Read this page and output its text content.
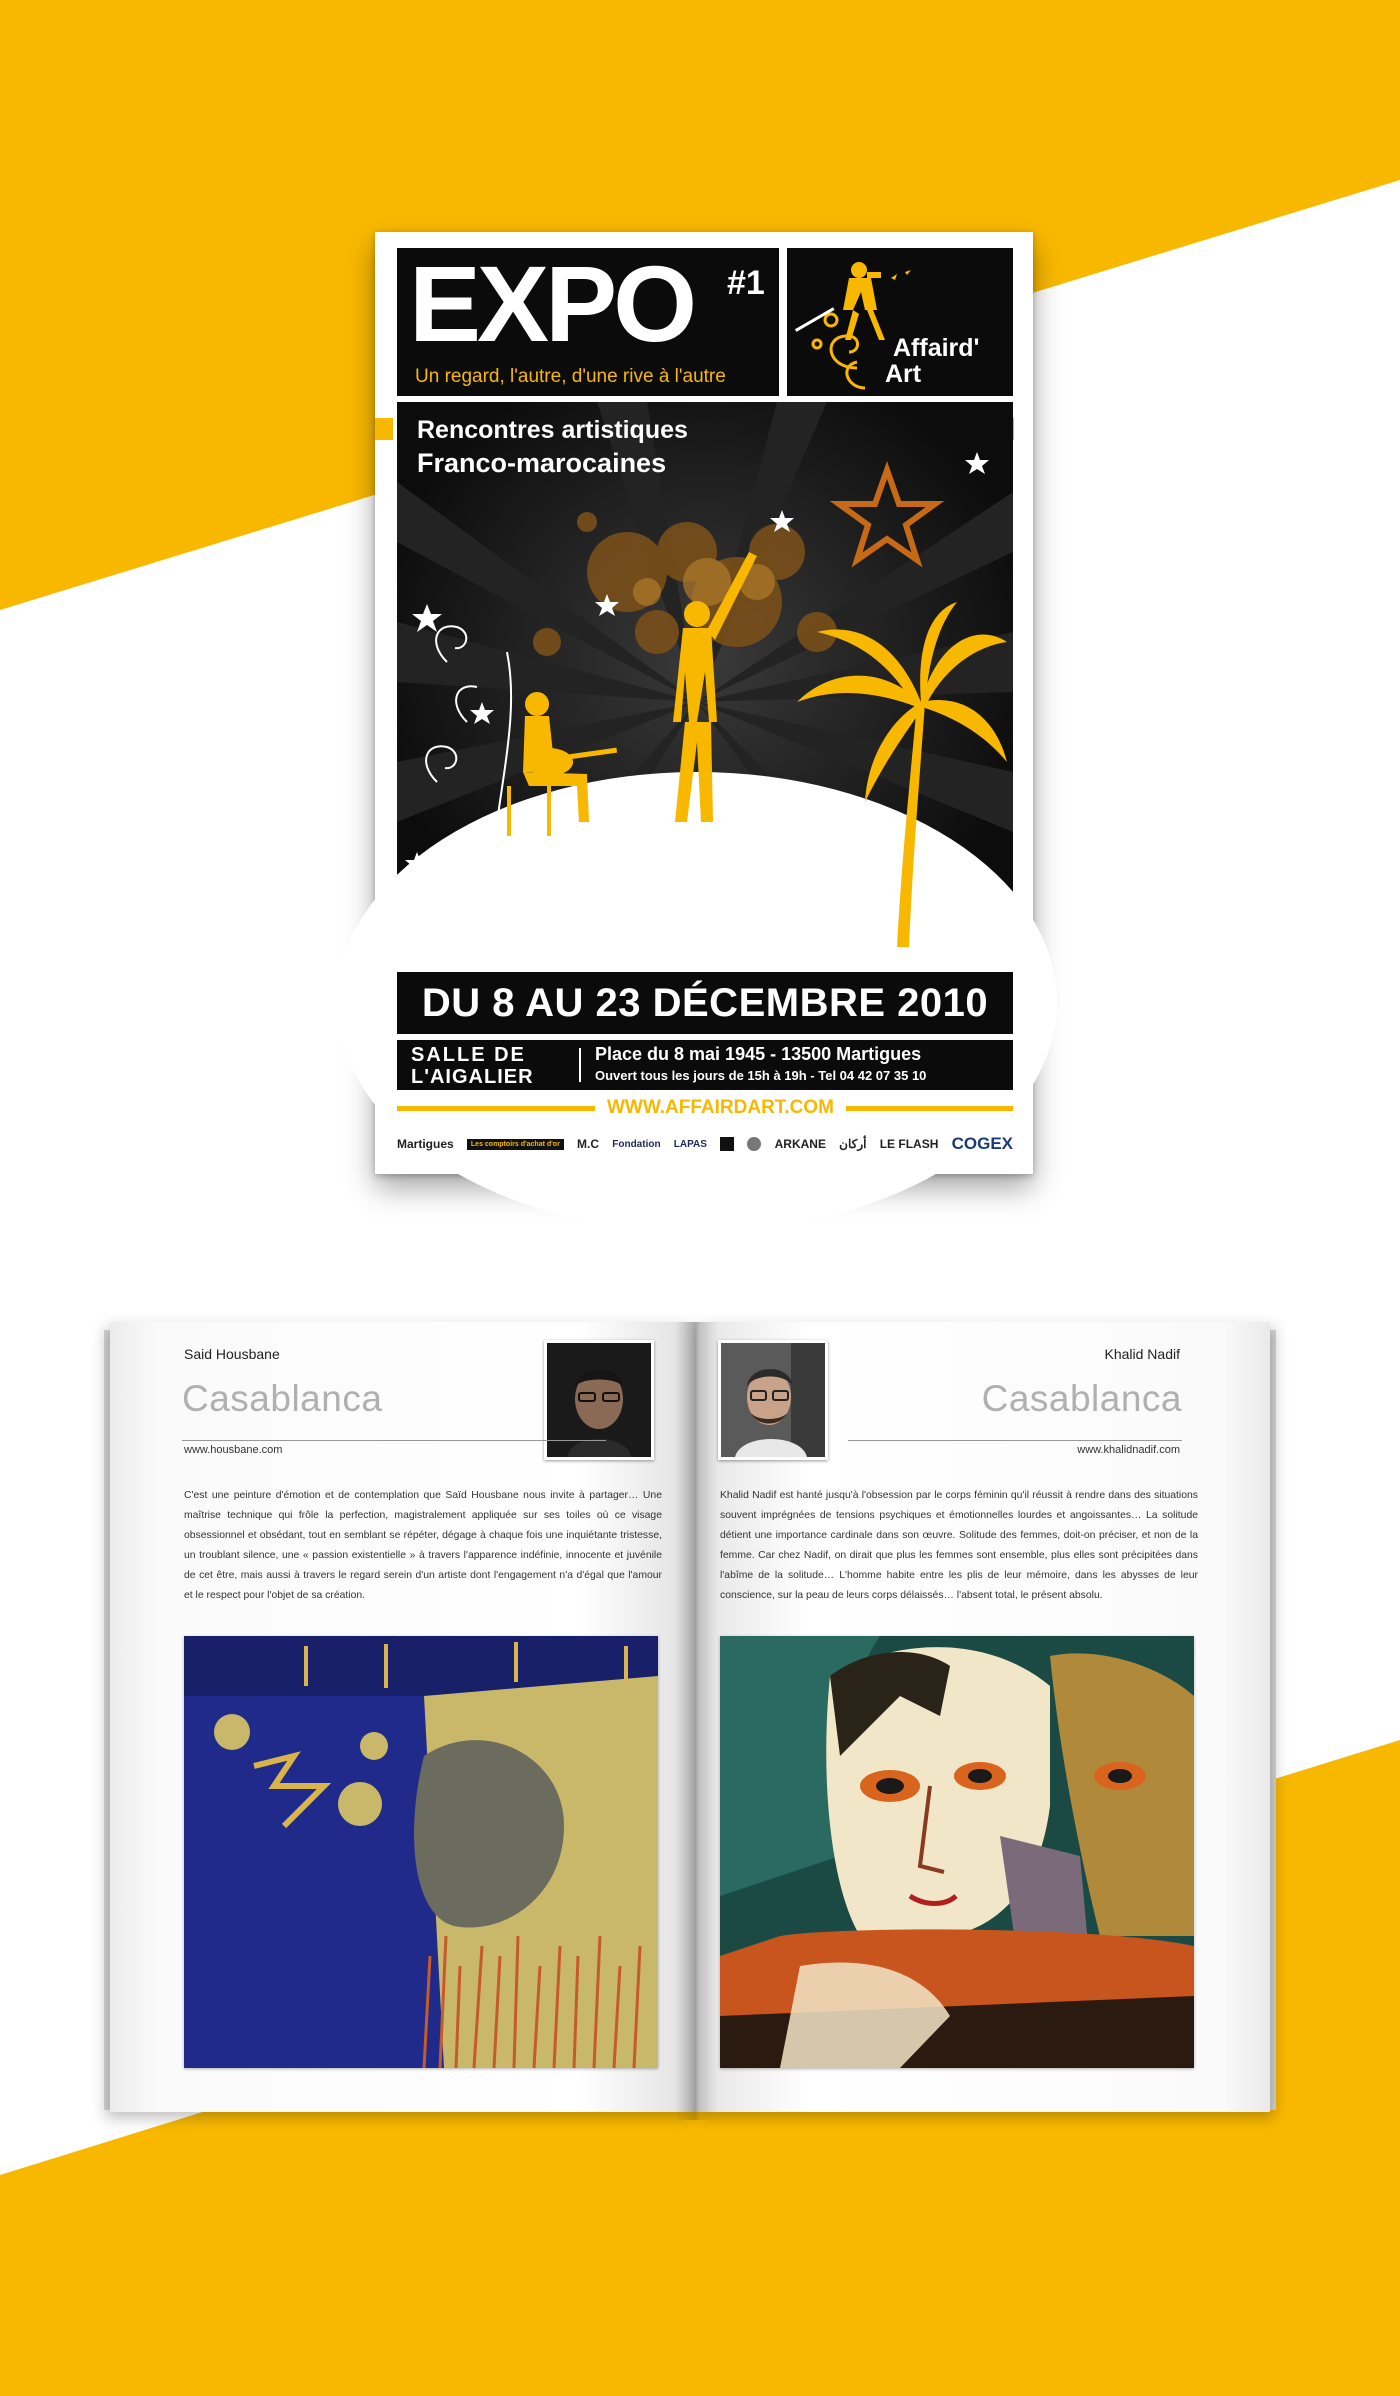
EXPO #1
Un regard, l'autre, d'une rive à l'autre
Affaird'
Art
Communication : www.oggersmood.com
Rencontres artistiques
Franco-marocaines
DU 8 AU 23 DÉCEMBRE 2010
SALLE DE
L'AIGALIER
Place du 8 mai 1945 - 13500 Martigues
Ouvert tous les jours de 15h à 19h - Tel 04 42 07 35 10
WWW.AFFAIRDART.COM
Martigues	Les comptoirs d'achat d'or	M.C Fondation LAPAS	ARKANE أركان LE FLASH COGEX
Said Housbane
Casablanca
www.housbane.com
C'est une peinture d'émotion et de contemplation que Saïd Housbane nous invite à partager… Une maîtrise technique qui frôle la perfection, magistralement appliquée sur ses toiles où ce visage obsessionnel et obsédant, tout en semblant se répéter, dégage à chaque fois une inquiétante tristesse, un troublant silence, une « passion existentielle » à travers l'apparence indéfinie, innocente et juvénile de cet être, mais aussi à travers le regard serein d'un artiste dont l'engagement n'a d'égal que l'amour et le respect pour l'objet de sa création.
Khalid Nadif
Casablanca
www.khalidnadif.com
Khalid Nadif est hanté jusqu'à l'obsession par le corps féminin qu'il réussit à rendre dans des situations souvent imprégnées de tensions psychiques et émotionnelles lourdes et angoissantes… La solitude détient une importance cardinale dans son œuvre. Solitude des femmes, doit-on préciser, et non de la femme. Car chez Nadif, on dirait que plus les femmes sont ensemble, plus elles sont précipitées dans l'abîme de la solitude… L'homme habite entre les plis de leur mémoire, dans les abysses de leur conscience, sur la peau de leurs corps délaissés… l'absent total, le présent absolu.
